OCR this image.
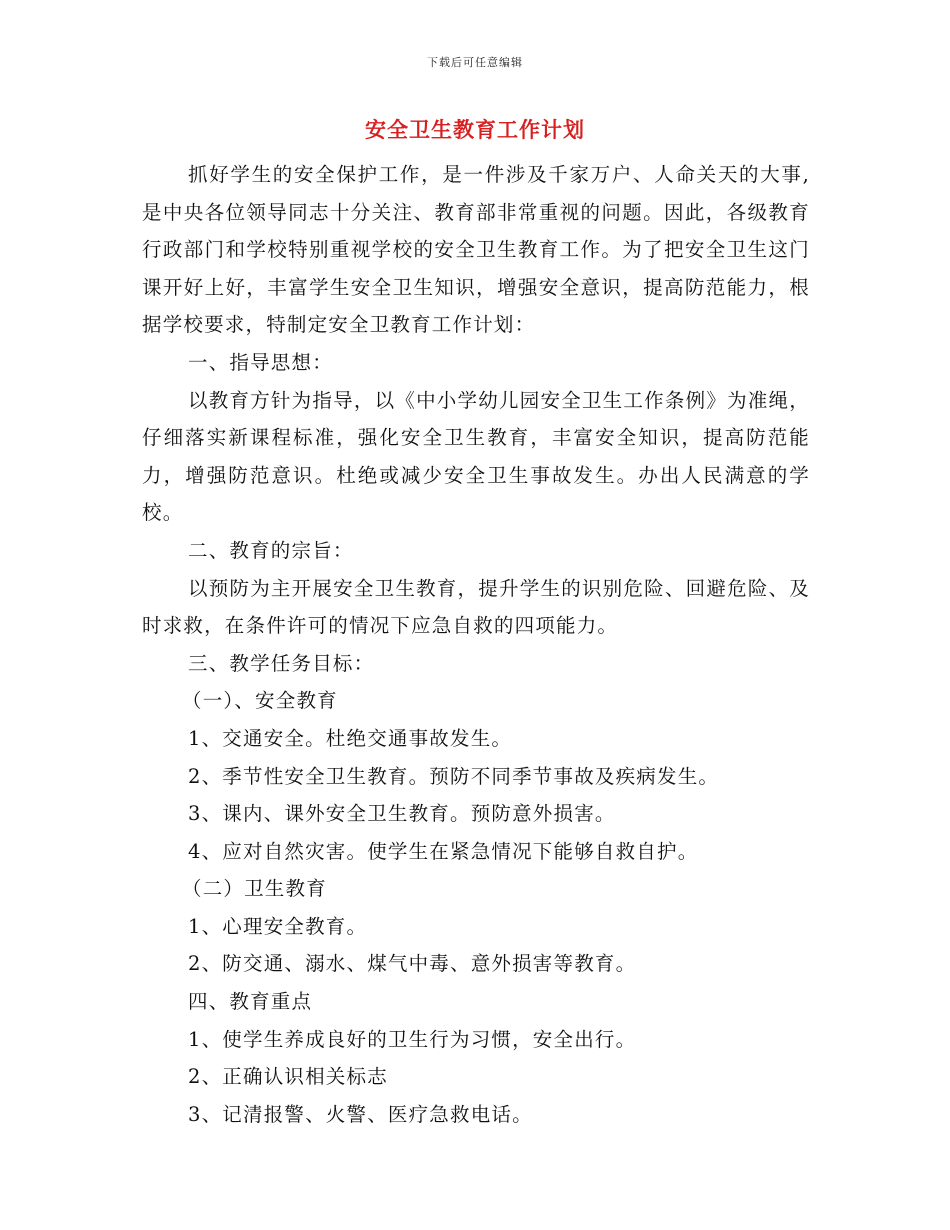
下载后可任意编辑
安全卫生教育工作计划

抓好学生的安全保护工作，是一件涉及千家万户、人命关天的大事,是中央各位领导同志十分关注、教育部非常重视的问题。因此，各级教育行政部门和学校特别重视学校的安全卫生教育工作。为了把安全卫生这门课开好上好，丰富学生安全卫生知识，增强安全意识，提高防范能力，根据学校要求，特制定安全卫教育工作计划：

一、指导思想：

以教育方针为指导，以《中小学幼儿园安全卫生工作条例》为准绳，仔细落实新课程标准，强化安全卫生教育，丰富安全知识，提高防范能力，增强防范意识。杜绝或减少安全卫生事故发生。办出人民满意的学校。

二、教育的宗旨：

以预防为主开展安全卫生教育，提升学生的识别危险、回避危险、及时求救，在条件许可的情况下应急自救的四项能力。

三、教学任务目标：

（一）、安全教育

1、交通安全。杜绝交通事故发生。

2、季节性安全卫生教育。预防不同季节事故及疾病发生。

3、课内、课外安全卫生教育。预防意外损害。

4、应对自然灾害。使学生在紧急情况下能够自救自护。

（二）卫生教育

1、心理安全教育。

2、防交通、溺水、煤气中毒、意外损害等教育。

四、教育重点

1、使学生养成良好的卫生行为习惯，安全出行。

2、正确认识相关标志

3、记清报警、火警、医疗急救电话。
